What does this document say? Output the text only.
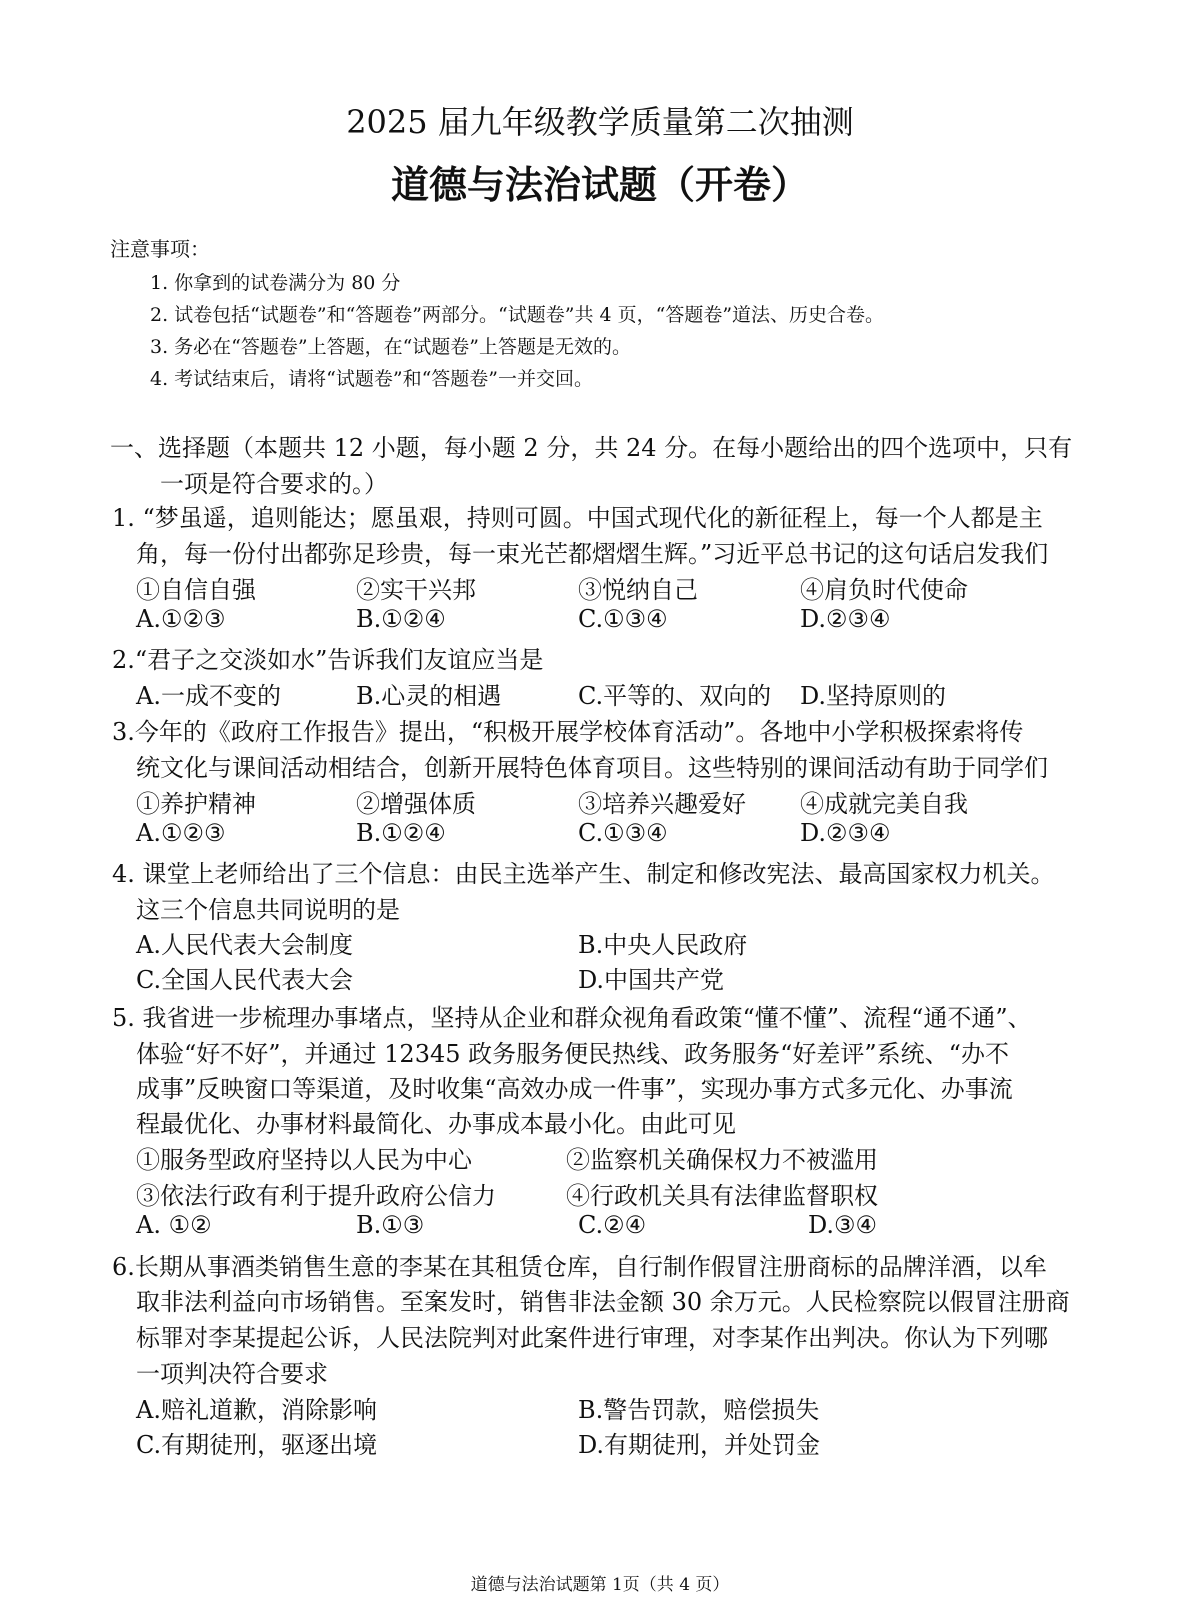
2025 届九年级教学质量第二次抽测
道德与法治试题（开卷）
注意事项：
1. 你拿到的试卷满分为 80 分
2. 试卷包括“试题卷”和“答题卷”两部分。“试题卷”共 4 页，“答题卷”道法、历史合卷。
3. 务必在“答题卷”上答题，在“试题卷”上答题是无效的。
4. 考试结束后，请将“试题卷”和“答题卷”一并交回。
一、选择题（本题共 12 小题，每小题 2 分，共 24 分。在每小题给出的四个选项中，只有
一项是符合要求的。）
1. “梦虽遥，追则能达；愿虽艰，持则可圆。中国式现代化的新征程上，每一个人都是主
角，每一份付出都弥足珍贵，每一束光芒都熠熠生辉。”习近平总书记的这句话启发我们
①自信自强	②实干兴邦	③悦纳自己	④肩负时代使命
A.①②③	B.①②④	C.①③④	D.②③④
2.“君子之交淡如水”告诉我们友谊应当是
A.一成不变的	B.心灵的相遇	C.平等的、双向的 D.坚持原则的
3.今年的《政府工作报告》提出，“积极开展学校体育活动”。各地中小学积极探索将传
统文化与课间活动相结合，创新开展特色体育项目。这些特别的课间活动有助于同学们
①养护精神	②增强体质	③培养兴趣爱好 ④成就完美自我
A.①②③	B.①②④	C.①③④	D.②③④
4. 课堂上老师给出了三个信息：由民主选举产生、制定和修改宪法、最高国家权力机关。
这三个信息共同说明的是
A.人民代表大会制度	B.中央人民政府
C.全国人民代表大会	D.中国共产党
5. 我省进一步梳理办事堵点，坚持从企业和群众视角看政策“懂不懂”、流程“通不通”、
体验“好不好”，并通过 12345 政务服务便民热线、政务服务“好差评”系统、“办不
成事”反映窗口等渠道，及时收集“高效办成一件事”，实现办事方式多元化、办事流
程最优化、办事材料最简化、办事成本最小化。由此可见
①服务型政府坚持以人民为中心	②监察机关确保权力不被滥用
③依法行政有利于提升政府公信力	④行政机关具有法律监督职权
A. ①②	B.①③	C.②④	D.③④
6.长期从事酒类销售生意的李某在其租赁仓库，自行制作假冒注册商标的品牌洋酒，以牟
取非法利益向市场销售。至案发时，销售非法金额 30 余万元。人民检察院以假冒注册商
标罪对李某提起公诉，人民法院判对此案件进行审理，对李某作出判决。你认为下列哪
一项判决符合要求
A.赔礼道歉，消除影响	B.警告罚款，赔偿损失
C.有期徒刑，驱逐出境	D.有期徒刑，并处罚金
道德与法治试题第 1页（共 4 页）
